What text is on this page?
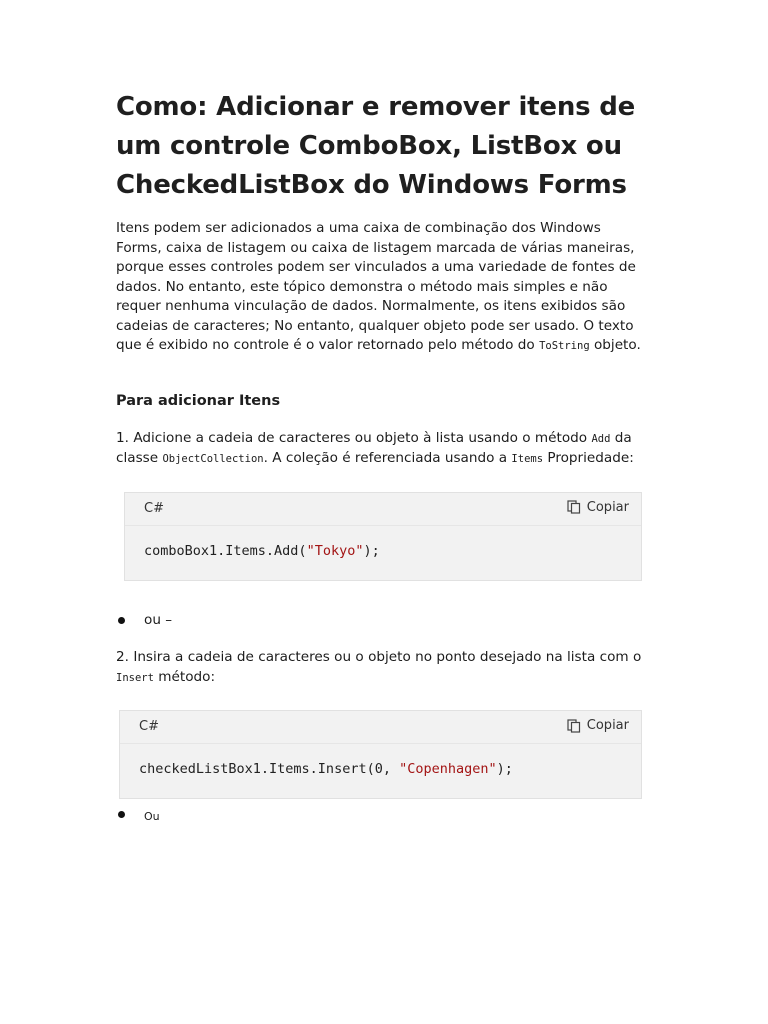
Como: Adicionar e remover itens de um controle ComboBox, ListBox ou CheckedListBox do Windows Forms

Itens podem ser adicionados a uma caixa de combinação dos Windows Forms, caixa de listagem ou caixa de listagem marcada de várias maneiras, porque esses controles podem ser vinculados a uma variedade de fontes de dados. No entanto, este tópico demonstra o método mais simples e não requer nenhuma vinculação de dados. Normalmente, os itens exibidos são cadeias de caracteres; No entanto, qualquer objeto pode ser usado. O texto que é exibido no controle é o valor retornado pelo método do ToString objeto.

Para adicionar Itens

1. Adicione a cadeia de caracteres ou objeto à lista usando o método Add da classe ObjectCollection. A coleção é referenciada usando a Items Propriedade:

C#	Copiar
comboBox1.Items.Add("Tokyo");
ou –

2. Insira a cadeia de caracteres ou o objeto no ponto desejado na lista com o Insert método:

C#	Copiar
checkedListBox1.Items.Insert(0, "Copenhagen");
Ou
